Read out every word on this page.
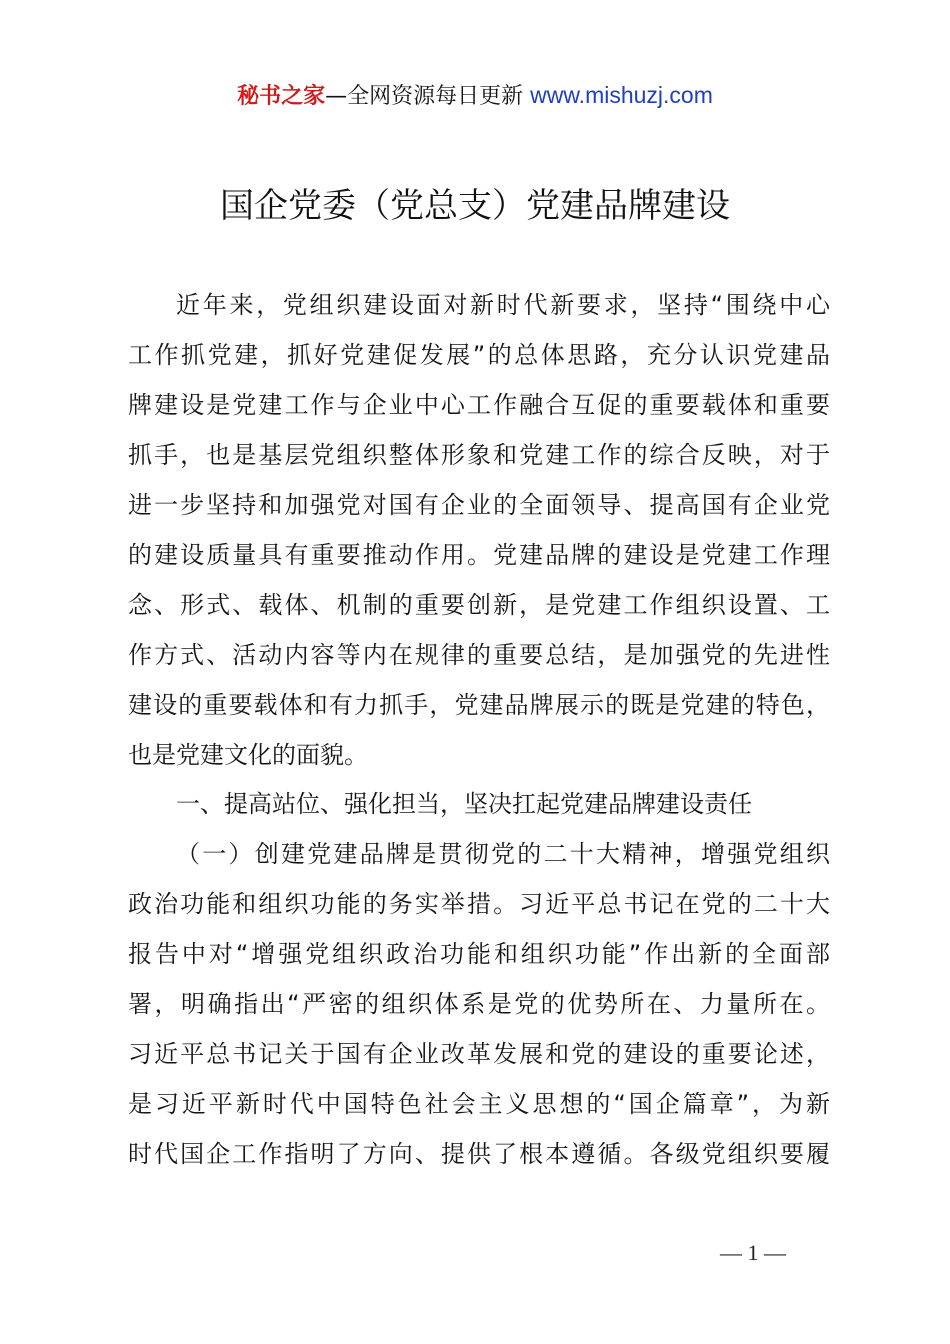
秘书之家—全网资源每日更新 www.mishuzj.com
国企党委（党总支）党建品牌建设
近年来，党组织建设面对新时代新要求，坚持“围绕中心
工作抓党建，抓好党建促发展”的总体思路，充分认识党建品
牌建设是党建工作与企业中心工作融合互促的重要载体和重要
抓手，也是基层党组织整体形象和党建工作的综合反映，对于
进一步坚持和加强党对国有企业的全面领导、提高国有企业党
的建设质量具有重要推动作用。党建品牌的建设是党建工作理
念、形式、载体、机制的重要创新，是党建工作组织设置、工
作方式、活动内容等内在规律的重要总结，是加强党的先进性
建设的重要载体和有力抓手，党建品牌展示的既是党建的特色，
也是党建文化的面貌。
一、提高站位、强化担当，坚决扛起党建品牌建设责任
（一）创建党建品牌是贯彻党的二十大精神，增强党组织
政治功能和组织功能的务实举措。习近平总书记在党的二十大
报告中对“增强党组织政治功能和组织功能”作出新的全面部
署，明确指出“严密的组织体系是党的优势所在、力量所在。
习近平总书记关于国有企业改革发展和党的建设的重要论述，
是习近平新时代中国特色社会主义思想的“国企篇章”，为新
时代国企工作指明了方向、提供了根本遵循。各级党组织要履
— 1 —
